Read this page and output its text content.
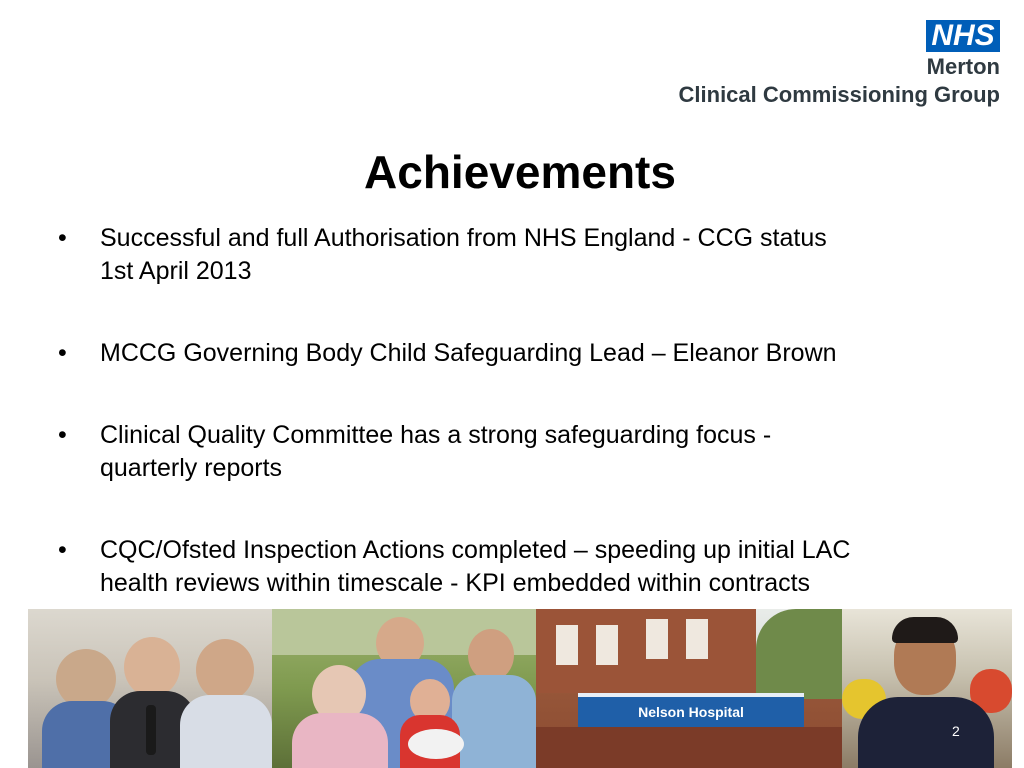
NHS
Merton
Clinical Commissioning Group
Achievements
•	Successful and full Authorisation from NHS England - CCG status
1st April 2013
•	MCCG Governing Body Child Safeguarding Lead – Eleanor Brown
•	Clinical Quality Committee has a strong safeguarding focus -
quarterly reports
•	CQC/Ofsted Inspection Actions completed – speeding up initial LAC
health reviews within timescale - KPI embedded within contracts
Nelson Hospital
2
